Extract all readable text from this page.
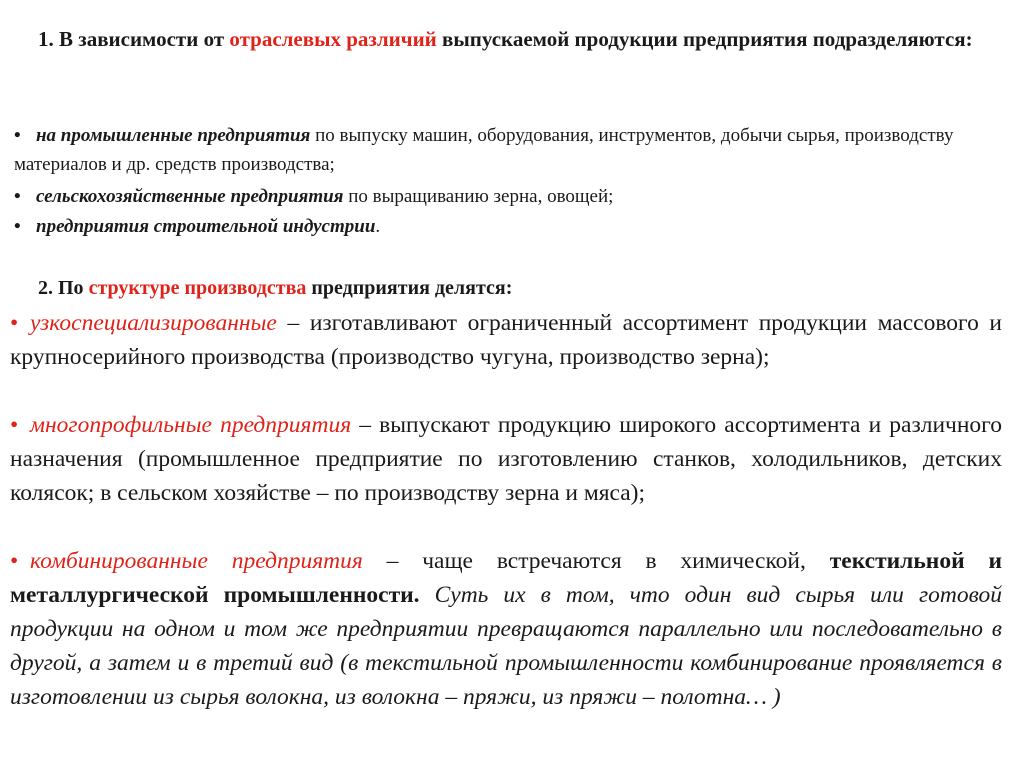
1. В зависимости от отраслевых различий выпускаемой продукции предприятия подразделяются:

• на промышленные предприятия по выпуску машин, оборудования, инструментов, добычи сырья, производству материалов и др. средств производства;

• сельскохозяйственные предприятия по выращиванию зерна, овощей;

• предприятия строительной индустрии.

2. По структуре производства предприятия делятся:

• узкоспециализированные – изготавливают ограниченный ассортимент продукции массового и крупносерийного производства (производство чугуна, производство зерна);

• многопрофильные предприятия – выпускают продукцию широкого ассортимента и различного назначения (промышленное предприятие по изготовлению станков, холодильников, детских колясок; в сельском хозяйстве – по производству зерна и мяса);

• комбинированные предприятия – чаще встречаются в химической, текстильной и металлургической промышленности. Суть их в том, что один вид сырья или готовой продукции на одном и том же предприятии превращаются параллельно или последовательно в другой, а затем и в третий вид (в текстильной промышленности комбинирование проявляется в изготовлении из сырья волокна, из волокна – пряжи, из пряжи – полотна… )
